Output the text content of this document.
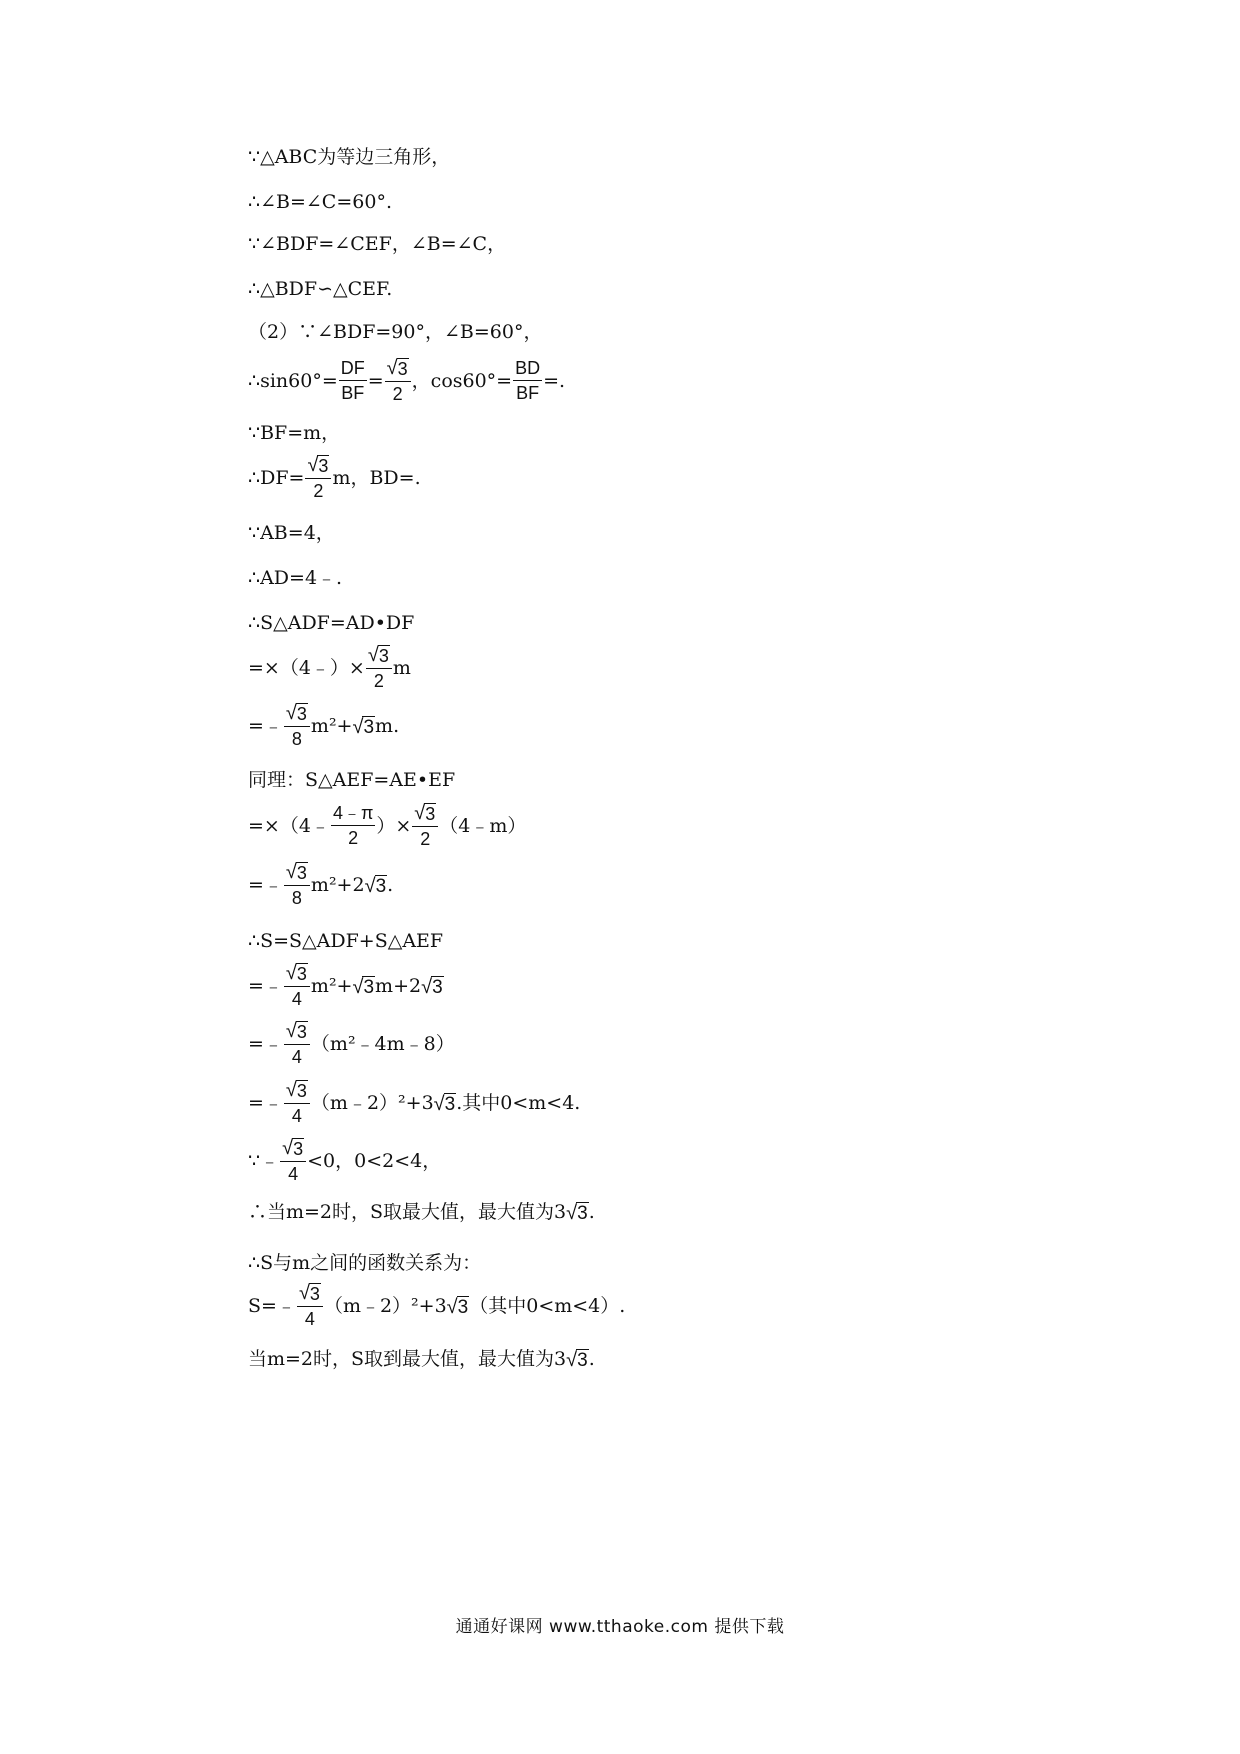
∵△ABC为等边三角形，
∴∠B=∠C=60°.
∵∠BDF=∠CEF，∠B=∠C，
∴△BDF∽△CEF.
（2）∵∠BDF=90°，∠B=60°，
∴sin60°= $\frac{DF}{BF} = \frac{√ 3}{2}$ ，$\cos 60^\circ= \frac{BD}{BF}$ =.
∵BF=m，
∴DF= $\frac{√ 3}{2}$ m，BD=.
∵AB=4，
∴AD=4﹣.
∴S△ADF=AD•DF
=×（4﹣）× $\frac{√ 3}{2}$ m
=﹣ $\frac{√ 3}{8} m^2+$ √ 3 m.
同理：S△AEF=AE•EF
=×（4﹣ $\frac{4﹣\pi}{2}$ ）× $\frac{√ 3}{2}$ （4﹣m）
=﹣ $\frac{√ 3}{8} m^2+2$ √ 3 .
∴S=S△ADF+S△AEF
=﹣ $\frac{√ 3}{4} m^2+$ √ 3 m+2 √ 3
=﹣ $\frac{√ 3}{4}$ （m²﹣4m﹣8）
=﹣ $\frac{√ 3}{4}$ （m﹣2）²+3 √ 3 .其中0<m<4.
∵﹣ $\frac{√ 3}{4} <0$，0<2<4，
∴当m=2时，S取最大值，最大值为3 √ 3 .
∴S与m之间的函数关系为：
S=﹣ $\frac{√ 3}{4}$ （m﹣2）²+3 √ 3 （其中0<m<4）.
当m=2时，S取到最大值，最大值为3 √ 3 .
通通好课网 www.tthaoke.com 提供下载
